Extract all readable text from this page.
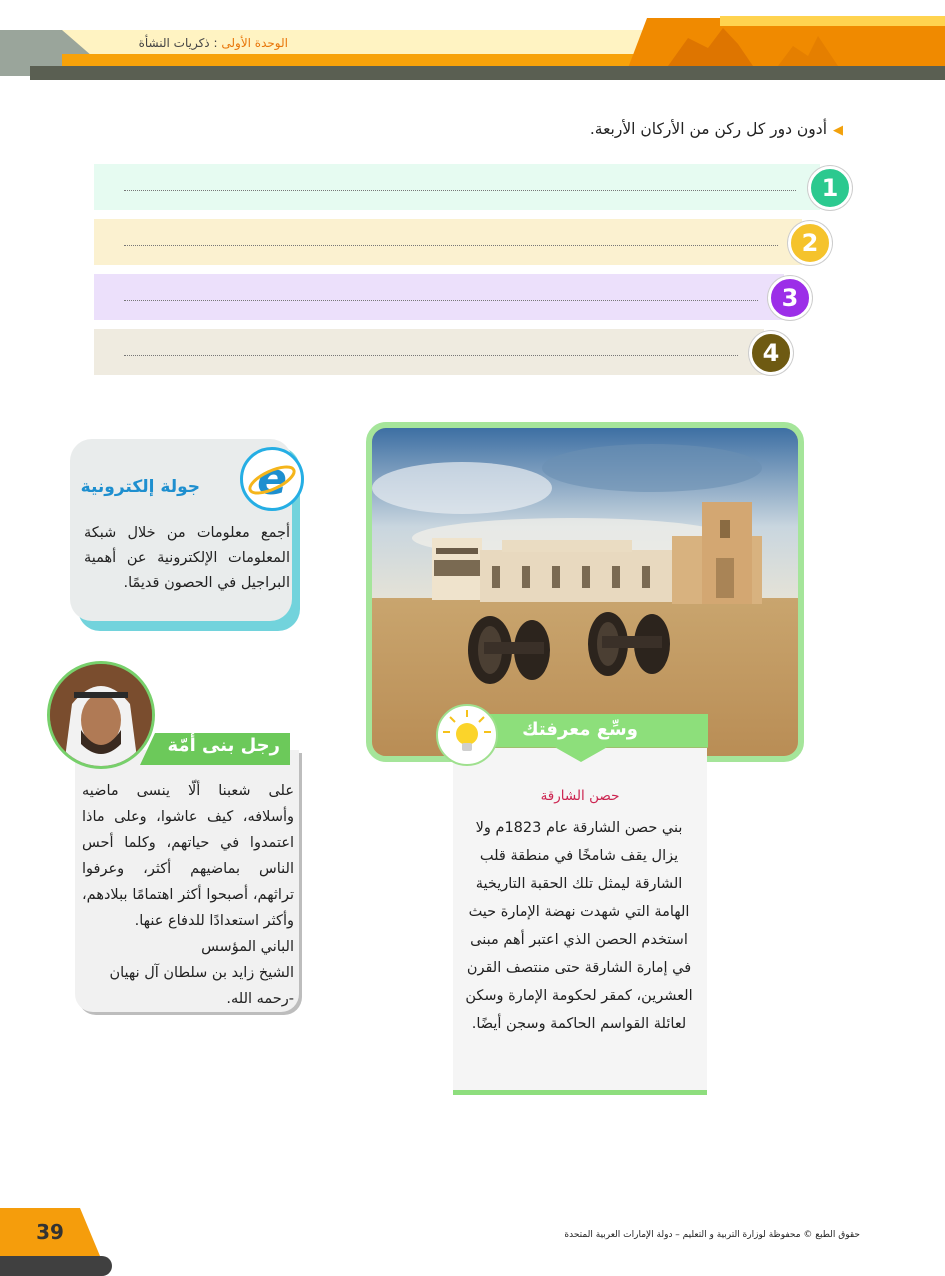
الوحدة الأولى : ذكريات النشأة
◀أدون دور كل ركن من الأركان الأربعة.
1
2
3
4
وسِّع معرفتك
حصن الشارقة
بني حصن الشارقة عام 1823م ولا يزال يقف شامخًا في منطقة قلب الشارقة ليمثل تلك الحقبة التاريخية الهامة التي شهدت نهضة الإمارة حيث استخدم الحصن الذي اعتبر أهم مبنى في إمارة الشارقة حتى منتصف القرن العشرين، كمقر لحكومة الإمارة وسكن لعائلة القواسم الحاكمة وسجن أيضًا.
جولة إلكترونية e
أجمع معلومات من خلال شبكة المعلومات الإلكترونية عن أهمية البراجيل في الحصون قديمًا.
رجل بنى أمّة
على شعبنا ألّا ينسى ماضيه وأسلافه، كيف عاشوا، وعلى ماذا اعتمدوا في حياتهم، وكلما أحس الناس بماضيهم أكثر، وعرفوا تراثهم، أصبحوا أكثر اهتمامًا ببلادهم، وأكثر استعدادًا للدفاع عنها.
الباني المؤسس
الشيخ زايد بن سلطان آل نهيان
-رحمه الله.
39	حقوق الطبع © محفوظة لوزارة التربية و التعليم – دولة الإمارات العربية المتحدة
